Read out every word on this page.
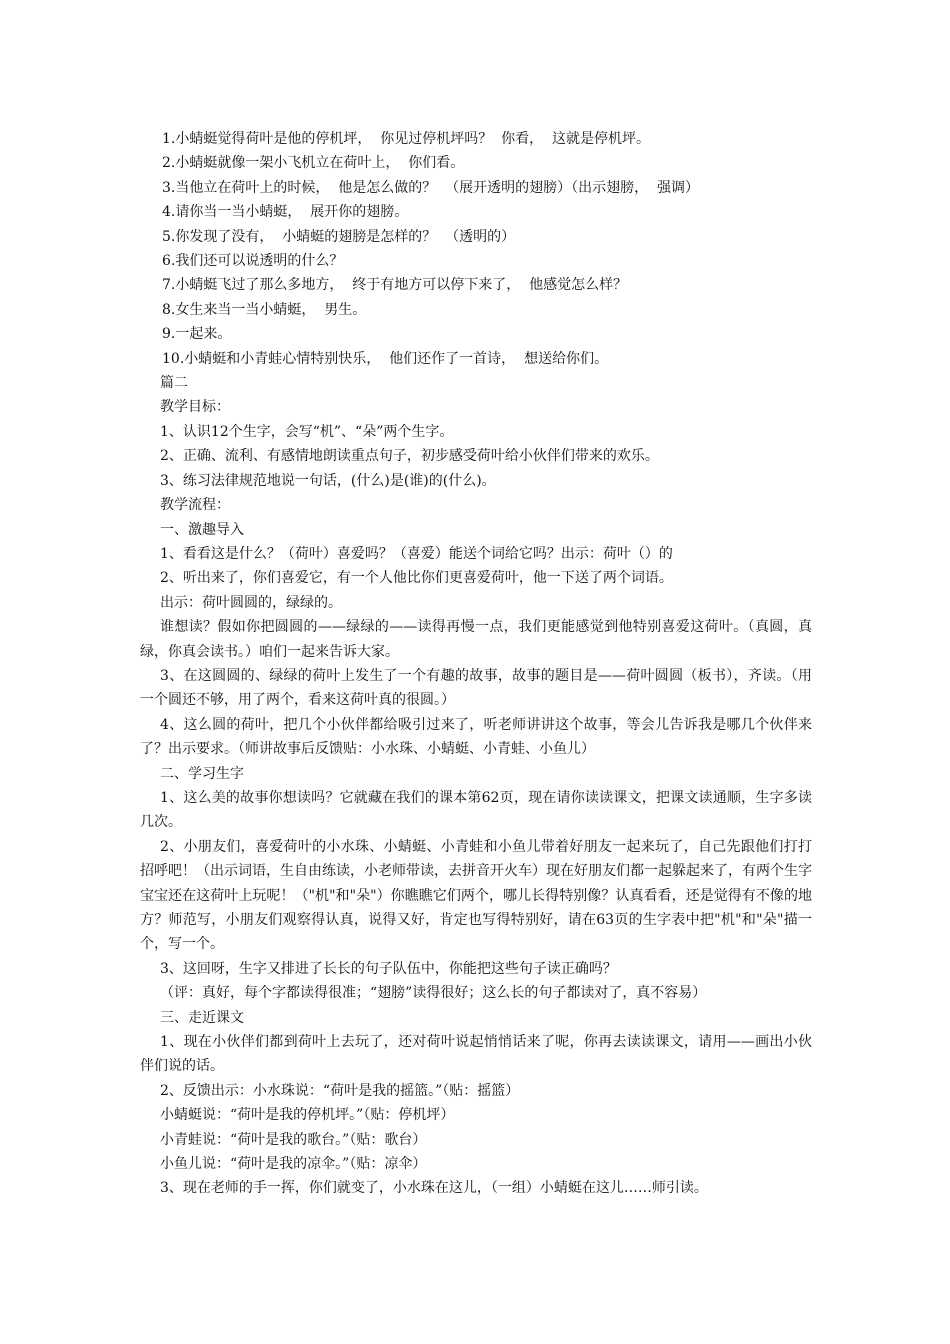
1.小蜻蜓觉得荷叶是他的停机坪，  你见过停机坪吗？  你看，  这就是停机坪。
2.小蜻蜓就像一架小飞机立在荷叶上，  你们看。
3.当他立在荷叶上的时候，  他是怎么做的？  （展开透明的翅膀）（出示翅膀，  强调）
4.请你当一当小蜻蜓，  展开你的翅膀。
5.你发现了没有，  小蜻蜓的翅膀是怎样的？  （透明的）
6.我们还可以说透明的什么？
7.小蜻蜓飞过了那么多地方，  终于有地方可以停下来了，  他感觉怎么样？
8.女生来当一当小蜻蜓，  男生。
9.一起来。
10.小蜻蜓和小青蛙心情特别快乐，  他们还作了一首诗，  想送给你们。
篇二
教学目标：
1、认识12个生字，会写“机”、“朵”两个生字。
2、正确、流利、有感情地朗读重点句子，初步感受荷叶给小伙伴们带来的欢乐。
3、练习法律规范地说一句话，(什么)是(谁)的(什么)。
教学流程：
一、激趣导入
1、看看这是什么？（荷叶）喜爱吗？（喜爱）能送个词给它吗？出示：荷叶（）的
2、听出来了，你们喜爱它，有一个人他比你们更喜爱荷叶，他一下送了两个词语。
出示：荷叶圆圆的，绿绿的。
谁想读？假如你把圆圆的——绿绿的——读得再慢一点，我们更能感觉到他特别喜爱这荷叶。（真圆，真绿，你真会读书。）咱们一起来告诉大家。
3、在这圆圆的、绿绿的荷叶上发生了一个有趣的故事，故事的题目是——荷叶圆圆（板书），齐读。（用一个圆还不够，用了两个，看来这荷叶真的很圆。）
4、这么圆的荷叶，把几个小伙伴都给吸引过来了，听老师讲讲这个故事，等会儿告诉我是哪几个伙伴来了？出示要求。（师讲故事后反馈贴：小水珠、小蜻蜓、小青蛙、小鱼儿）
二、学习生字
1、这么美的故事你想读吗？它就藏在我们的课本第62页，现在请你读读课文，把课文读通顺，生字多读几次。
2、小朋友们，喜爱荷叶的小水珠、小蜻蜓、小青蛙和小鱼儿带着好朋友一起来玩了，自己先跟他们打打招呼吧！（出示词语，生自由练读，小老师带读，去拼音开火车）现在好朋友们都一起躲起来了，有两个生字宝宝还在这荷叶上玩呢！（"机"和"朵"）你瞧瞧它们两个，哪儿长得特别像？认真看看，还是觉得有不像的地方？师范写，小朋友们观察得认真，说得又好，肯定也写得特别好，请在63页的生字表中把"机"和"朵"描一个，写一个。
3、这回呀，生字又排进了长长的句子队伍中，你能把这些句子读正确吗？
（评：真好，每个字都读得很准；“翅膀”读得很好；这么长的句子都读对了，真不容易）
三、走近课文
1、现在小伙伴们都到荷叶上去玩了，还对荷叶说起悄悄话来了呢，你再去读读课文，请用——画出小伙伴们说的话。
2、反馈出示：小水珠说：“荷叶是我的摇篮。”（贴：摇篮）
小蜻蜓说：“荷叶是我的停机坪。”（贴：停机坪）
小青蛙说：“荷叶是我的歌台。”（贴：歌台）
小鱼儿说：“荷叶是我的凉伞。”（贴：凉伞）
3、现在老师的手一挥，你们就变了，小水珠在这儿，（一组）小蜻蜓在这儿……师引读。
